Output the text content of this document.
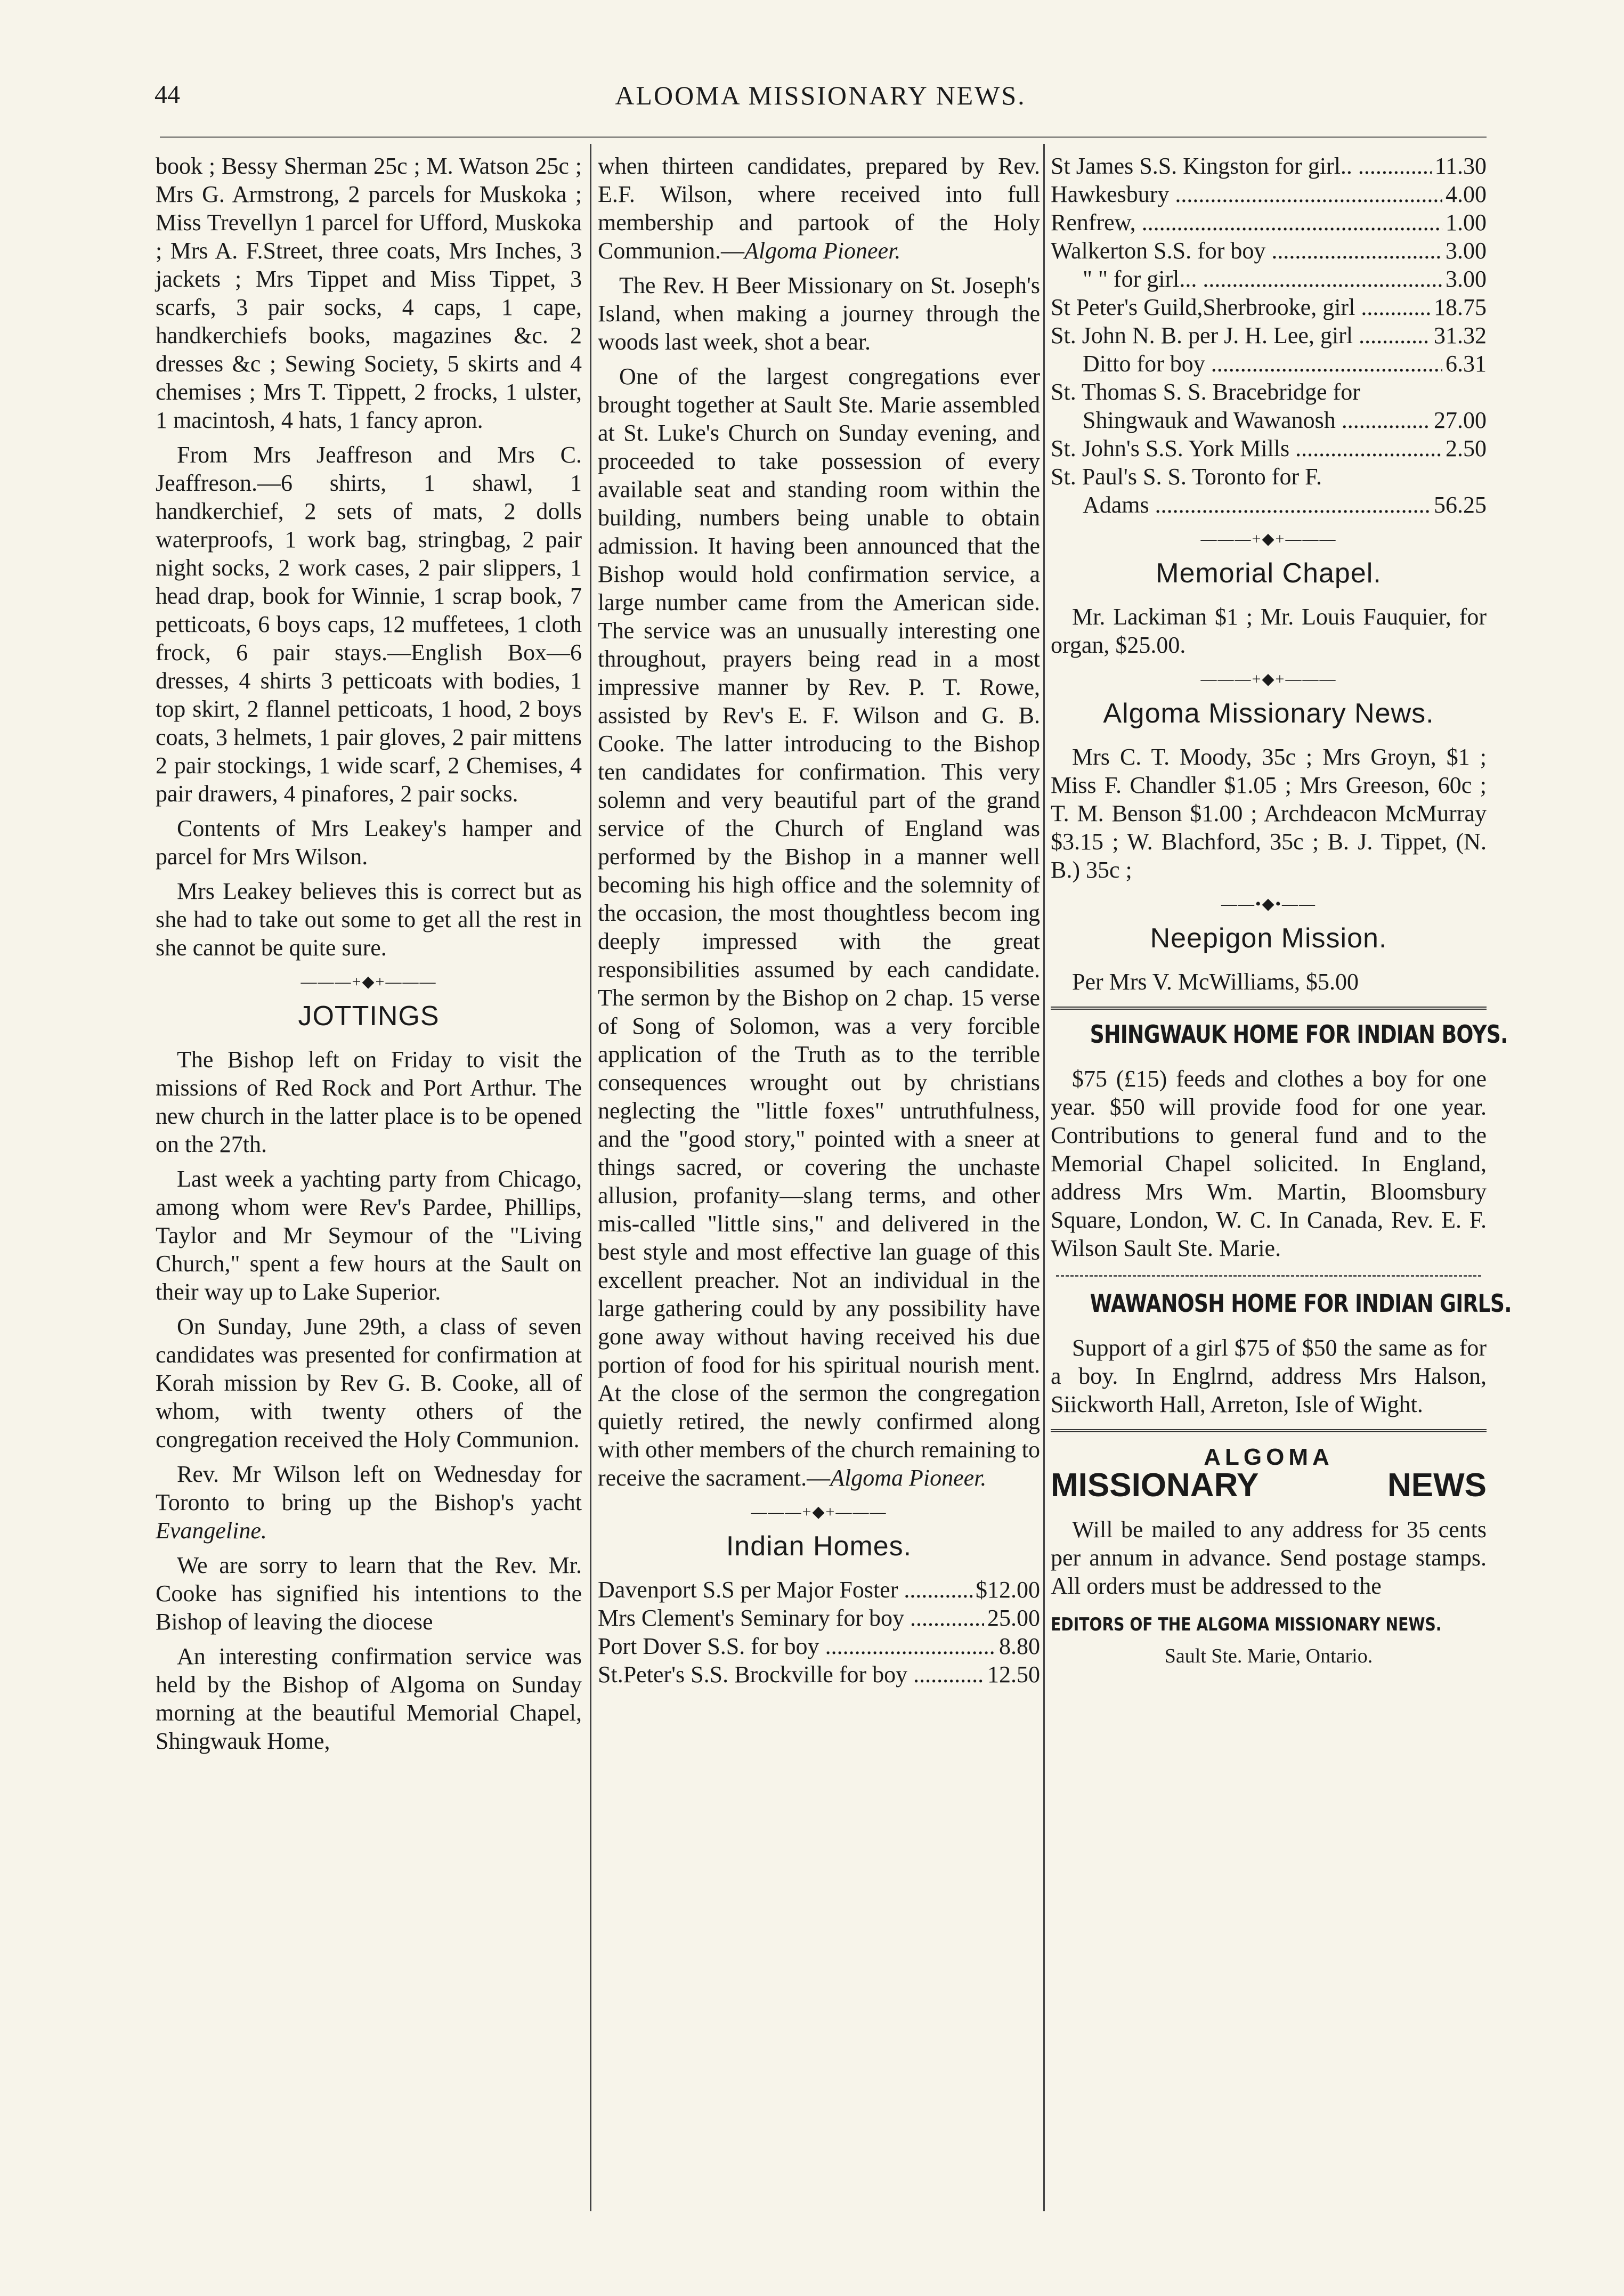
44	ALOOMA MISSIONARY NEWS.

book ; Bessy Sherman 25c ; M. Watson 25c ; Mrs G. Armstrong, 2 parcels for Muskoka ; Miss Trevellyn 1 parcel for Ufford, Muskoka ; Mrs A. F.Street, three coats, Mrs Inches, 3 jackets ; Mrs Tippet and Miss Tippet, 3 scarfs, 3 pair socks, 4 caps, 1 cape, handkerchiefs books, magazines &c. 2 dresses &c ; Sewing Society, 5 skirts and 4 chemises ; Mrs T. Tippett, 2 frocks, 1 ulster, 1 macintosh, 4 hats, 1 fancy apron.

From Mrs Jeaffreson and Mrs C. Jeaffreson.—6 shirts, 1 shawl, 1 handkerchief, 2 sets of mats, 2 dolls waterproofs, 1 work bag, stringbag, 2 pair night socks, 2 work cases, 2 pair slippers, 1 head drap, book for Winnie, 1 scrap book, 7 petticoats, 6 boys caps, 12 muffetees, 1 cloth frock, 6 pair stays.—English Box—6 dresses, 4 shirts 3 petticoats with bodies, 1 top skirt, 2 flannel petticoats, 1 hood, 2 boys coats, 3 helmets, 1 pair gloves, 2 pair mittens 2 pair stockings, 1 wide scarf, 2 Chemises, 4 pair drawers, 4 pinafores, 2 pair socks.

Contents of Mrs Leakey's hamper and parcel for Mrs Wilson.

Mrs Leakey believes this is correct but as she had to take out some to get all the rest in she cannot be quite sure.

———+◆+———
JOTTINGS

The Bishop left on Friday to visit the missions of Red Rock and Port Arthur. The new church in the latter place is to be opened on the 27th.

Last week a yachting party from Chicago, among whom were Rev's Pardee, Phillips, Taylor and Mr Seymour of the "Living Church," spent a few hours at the Sault on their way up to Lake Superior.

On Sunday, June 29th, a class of seven candidates was presented for confirmation at Korah mission by Rev G. B. Cooke, all of whom, with twenty others of the congregation received the Holy Communion.

Rev. Mr Wilson left on Wednesday for Toronto to bring up the Bishop's yacht Evangeline.

We are sorry to learn that the Rev. Mr. Cooke has signified his intentions to the Bishop of leaving the diocese

An interesting confirmation service was held by the Bishop of Algoma on Sunday morning at the beautiful Memorial Chapel, Shingwauk Home,

when thirteen candidates, prepared by Rev. E.F. Wilson, where received into full membership and partook of the Holy Communion.—Algoma Pioneer.

The Rev. H Beer Missionary on St. Joseph's Island, when making a journey through the woods last week, shot a bear.

One of the largest congregations ever brought together at Sault Ste. Marie assembled at St. Luke's Church on Sunday evening, and proceeded to take possession of every available seat and standing room within the building, numbers being unable to obtain admission. It having been announced that the Bishop would hold confirmation service, a large number came from the American side. The service was an unusually interesting one throughout, prayers being read in a most impressive manner by Rev. P. T. Rowe, assisted by Rev's E. F. Wilson and G. B. Cooke. The latter introducing to the Bishop ten candidates for confirmation. This very solemn and very beautiful part of the grand service of the Church of England was performed by the Bishop in a manner well becoming his high office and the solemnity of the occasion, the most thoughtless becom ing deeply impressed with the great responsibilities assumed by each candidate. The sermon by the Bishop on 2 chap. 15 verse of Song of Solomon, was a very forcible application of the Truth as to the terrible consequences wrought out by christians neglecting the "little foxes" untruthfulness, and the "good story," pointed with a sneer at things sacred, or covering the unchaste allusion, profanity—slang terms, and other mis-called "little sins," and delivered in the best style and most effective lan guage of this excellent preacher. Not an individual in the large gathering could by any possibility have gone away without having received his due portion of food for his spiritual nourish ment. At the close of the sermon the congregation quietly retired, the newly confirmed along with other members of the church remaining to receive the sacrament.—Algoma Pioneer.

———+◆+———
Indian Homes.
Davenport S.S per Major Foster .....	$12.00
Mrs Clement's Seminary for boy .....	25.00
Port Dover S.S. for boy .....	8.80
St.Peter's S.S. Brockville for boy .....	12.50
St James S.S. Kingston for girl.. .....	11.30
Hawkesbury .....	4.00
Renfrew, .....	1.00
Walkerton S.S. for boy .....	3.00
" " for girl... .....	3.00
St Peter's Guild,Sherbrooke, girl .....	18.75
St. John N. B. per J. H. Lee, girl .....	31.32
Ditto for boy .....	6.31
St. Thomas S. S. Bracebridge for
Shingwauk and Wawanosh .....	27.00
St. John's S.S. York Mills .....	2.50
St. Paul's S. S. Toronto for F.
Adams .....	56.25
———+◆+———
Memorial Chapel.

Mr. Lackiman $1 ; Mr. Louis Fauquier, for organ, $25.00.

———+◆+———
Algoma Missionary News.

Mrs C. T. Moody, 35c ; Mrs Groyn, $1 ; Miss F. Chandler $1.05 ; Mrs Greeson, 60c ; T. M. Benson $1.00 ; Archdeacon McMurray $3.15 ; W. Blachford, 35c ; B. J. Tippet, (N. B.) 35c ;

——•◆•——
Neepigon Mission.

Per Mrs V. McWilliams, $5.00

SHINGWAUK HOME FOR INDIAN BOYS.

$75 (£15) feeds and clothes a boy for one year. $50 will provide food for one year. Contributions to general fund and to the Memorial Chapel solicited. In England, address Mrs Wm. Martin, Bloomsbury Square, London, W. C. In Canada, Rev. E. F. Wilson Sault Ste. Marie.

WAWANOSH HOME FOR INDIAN GIRLS.

Support of a girl $75 of $50 the same as for a boy. In Englrnd, address Mrs Halson, Siickworth Hall, Arreton, Isle of Wight.

ALGOMA
MISSIONARY	NEWS

Will be mailed to any address for 35 cents per annum in advance. Send postage stamps. All orders must be addressed to the

EDITORS OF THE ALGOMA MISSIONARY NEWS.
Sault Ste. Marie, Ontario.
